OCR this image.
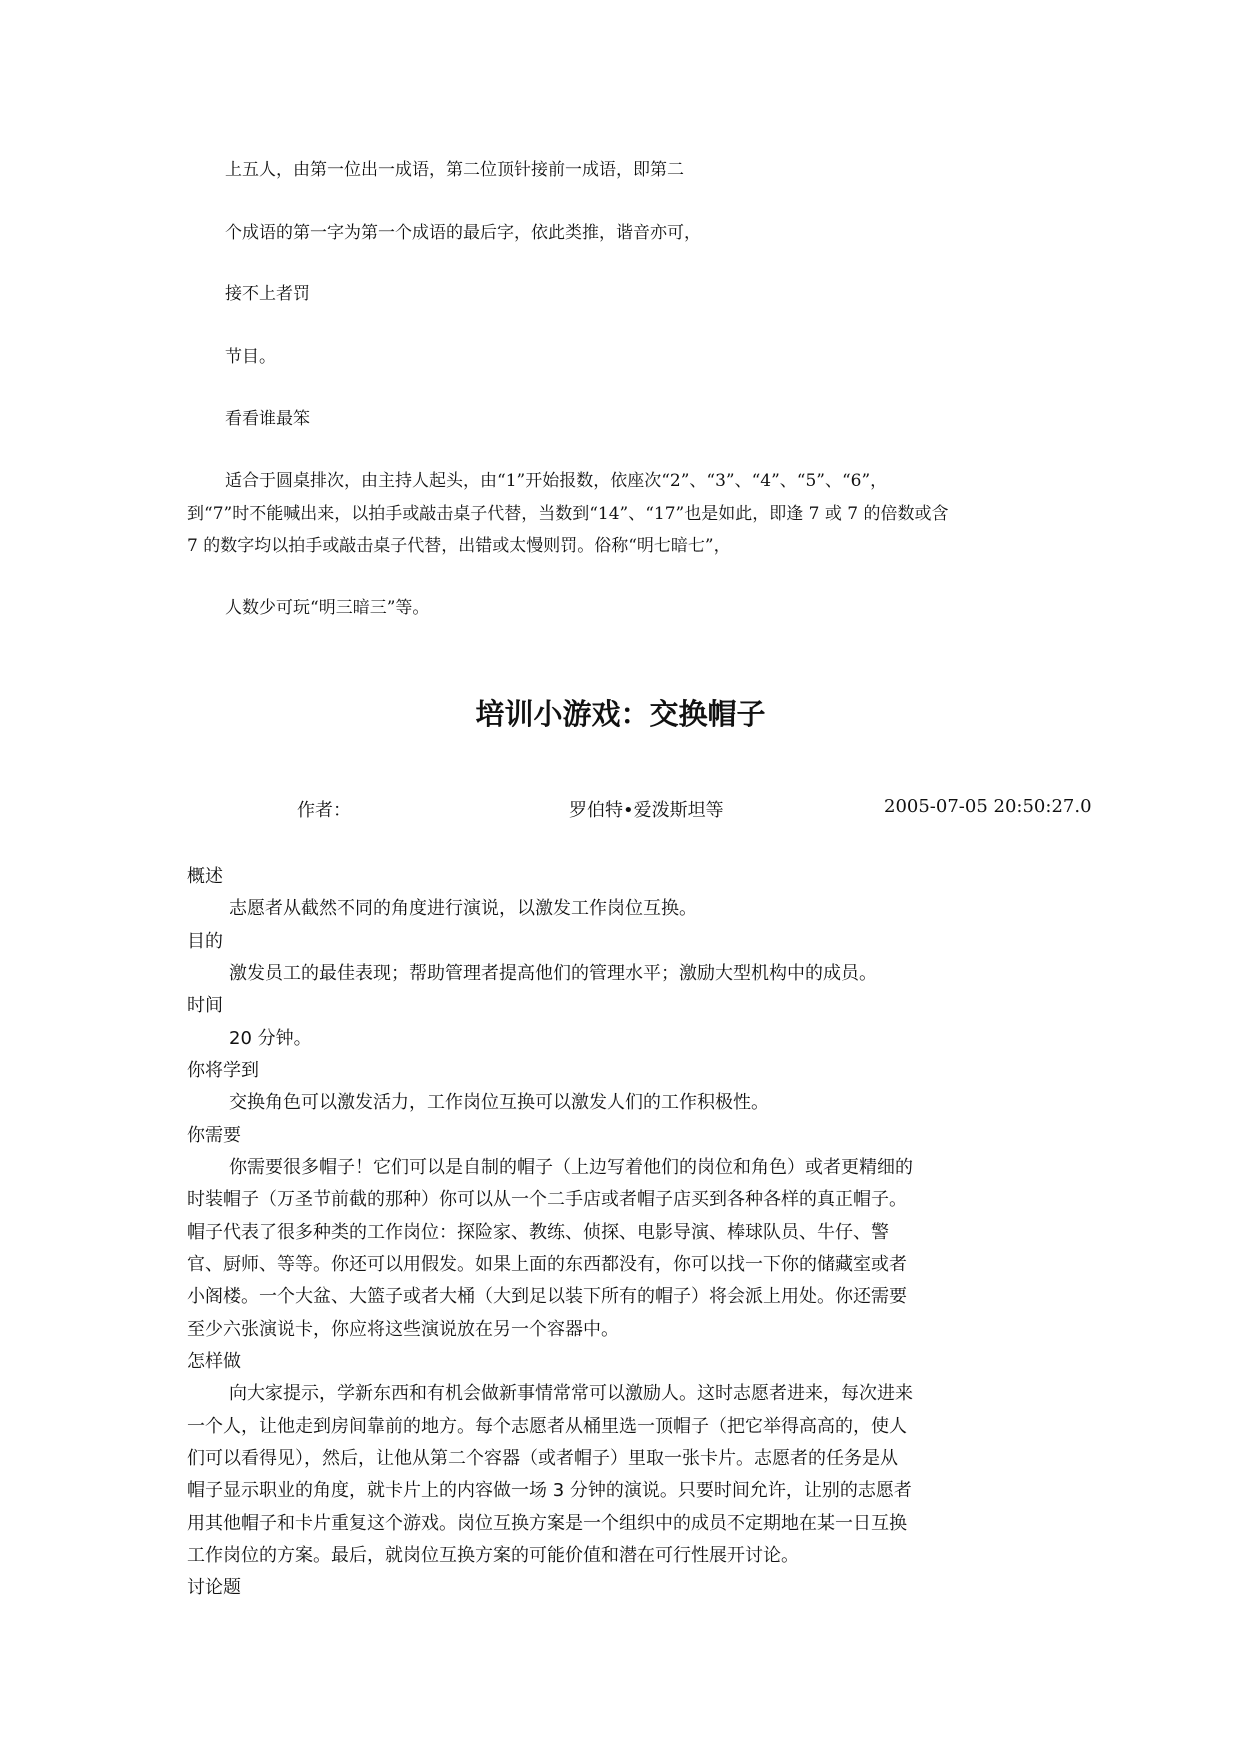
上五人，由第一位出一成语，第二位顶针接前一成语，即第二
个成语的第一字为第一个成语的最后字，依此类推，谐音亦可，
接不上者罚
节目。
看看谁最笨
适合于圆桌排次，由主持人起头，由“1”开始报数，依座次“2”、“3”、“4”、“5”、“6”，
到“7”时不能喊出来，以拍手或敲击桌子代替，当数到“14”、“17”也是如此，即逢 7 或 7 的倍数或含
7 的数字均以拍手或敲击桌子代替，出错或太慢则罚。俗称“明七暗七”，
人数少可玩“明三暗三”等。
培训小游戏：交换帽子
作者：	罗伯特•爱泼斯坦等	2005-07-05 20:50:27.0
概述
志愿者从截然不同的角度进行演说，以激发工作岗位互换。
目的
激发员工的最佳表现；帮助管理者提高他们的管理水平；激励大型机构中的成员。
时间
20 分钟。
你将学到
交换角色可以激发活力，工作岗位互换可以激发人们的工作积极性。
你需要
你需要很多帽子！它们可以是自制的帽子（上边写着他们的岗位和角色）或者更精细的
时装帽子（万圣节前截的那种）你可以从一个二手店或者帽子店买到各种各样的真正帽子。
帽子代表了很多种类的工作岗位：探险家、教练、侦探、电影导演、棒球队员、牛仔、警
官、厨师、等等。你还可以用假发。如果上面的东西都没有，你可以找一下你的储藏室或者
小阁楼。一个大盆、大篮子或者大桶（大到足以装下所有的帽子）将会派上用处。你还需要
至少六张演说卡，你应将这些演说放在另一个容器中。
怎样做
向大家提示，学新东西和有机会做新事情常常可以激励人。这时志愿者进来，每次进来
一个人，让他走到房间靠前的地方。每个志愿者从桶里选一顶帽子（把它举得高高的，使人
们可以看得见），然后，让他从第二个容器（或者帽子）里取一张卡片。志愿者的任务是从
帽子显示职业的角度，就卡片上的内容做一场 3 分钟的演说。只要时间允许，让别的志愿者
用其他帽子和卡片重复这个游戏。岗位互换方案是一个组织中的成员不定期地在某一日互换
工作岗位的方案。最后，就岗位互换方案的可能价值和潜在可行性展开讨论。
讨论题
